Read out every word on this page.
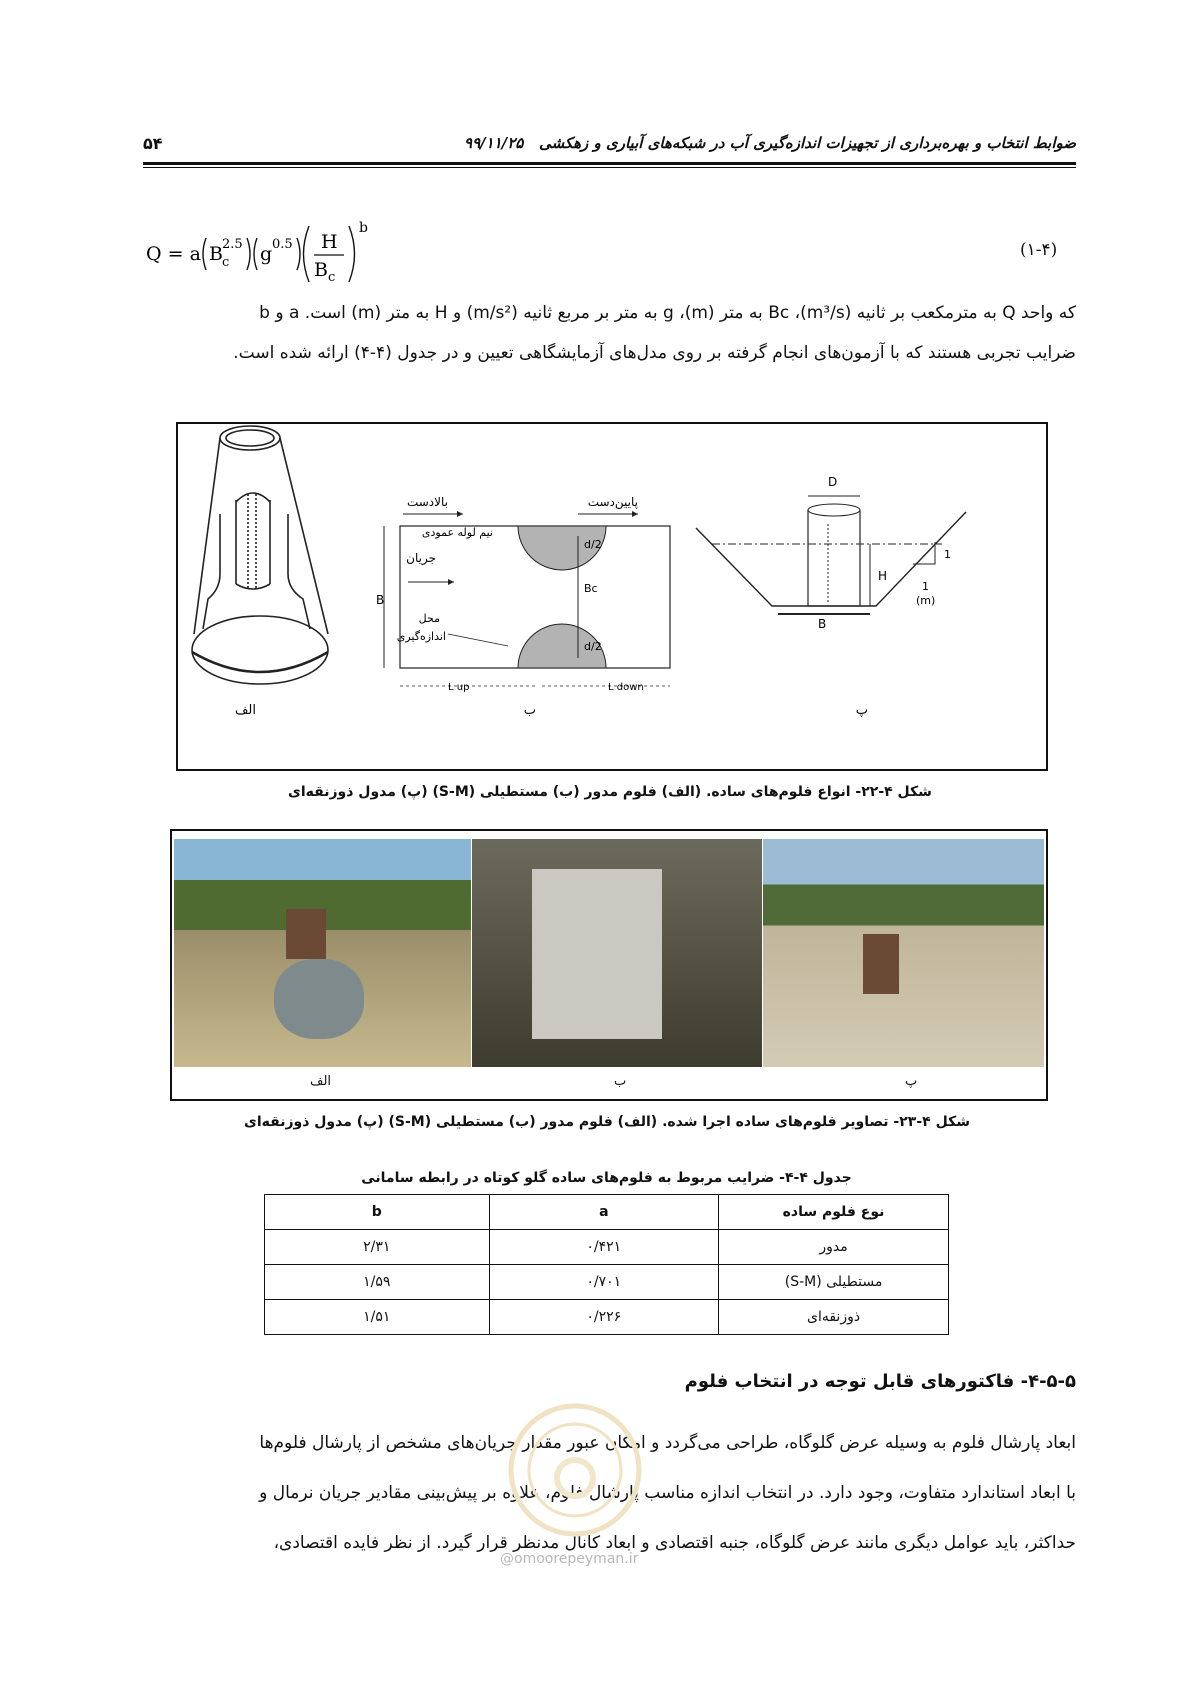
۵۴	ضوابط انتخاب و بهره‌برداری از تجهیزات اندازه‌گیری آب در شبکه‌های آبیاری و زهکشی   ۹۹/۱۱/۲۵
Q = a B c
2.5 g 0.5 H
B c
b
(۱-۴)
که واحد Q به مترمکعب بر ثانیه (m³/s)، Bc به متر (m)، g به متر بر مربع ثانیه (m/s²) و H به متر (m) است. a و b
ضرایب تجربی هستند که با آزمون‌های انجام گرفته بر روی مدل‌های آزمایشگاهی تعیین و در جدول (۴-۴) ارائه شده است.
الف
بالادست	پایین‌دست
نیم لوله عمودی
جریان
محل
اندازه‌گیری
B
d/2
Bc
d/2
L up	L down
ب
D
H
B
1
1
(m)
پ
شکل ۴-۲۲- انواع فلوم‌های ساده. (الف) فلوم مدور (ب) مستطیلی (S-M) (پ) مدول ذوزنقه‌ای
الف	ب	پ
شکل ۴-۲۳- تصاویر فلوم‌های ساده اجرا شده. (الف) فلوم مدور (ب) مستطیلی (S-M) (پ) مدول ذوزنقه‌ای
جدول ۴-۴- ضرایب مربوط به فلوم‌های ساده گلو کوتاه در رابطه سامانی
نوع فلوم ساده	a	b
مدور	۰/۴۲۱	۲/۳۱
مستطیلی (S-M)	۰/۷۰۱	۱/۵۹
ذوزنقه‌ای	۰/۲۲۶	۱/۵۱
۴-۵-۵- فاکتورهای قابل توجه در انتخاب فلوم
ابعاد پارشال فلوم به وسیله عرض گلوگاه، طراحی می‌گردد و امکان عبور مقدار جریان‌های مشخص از پارشال فلوم‌ها
با ابعاد استاندارد متفاوت، وجود دارد. در انتخاب اندازه مناسب پارشال فلوم، علاوه بر پیش‌بینی مقادیر جریان نرمال و
حداکثر، باید عوامل دیگری مانند عرض گلوگاه، جنبه اقتصادی و ابعاد کانال مدنظر قرار گیرد. از نظر فایده اقتصادی،
@omoorepeyman.ir
